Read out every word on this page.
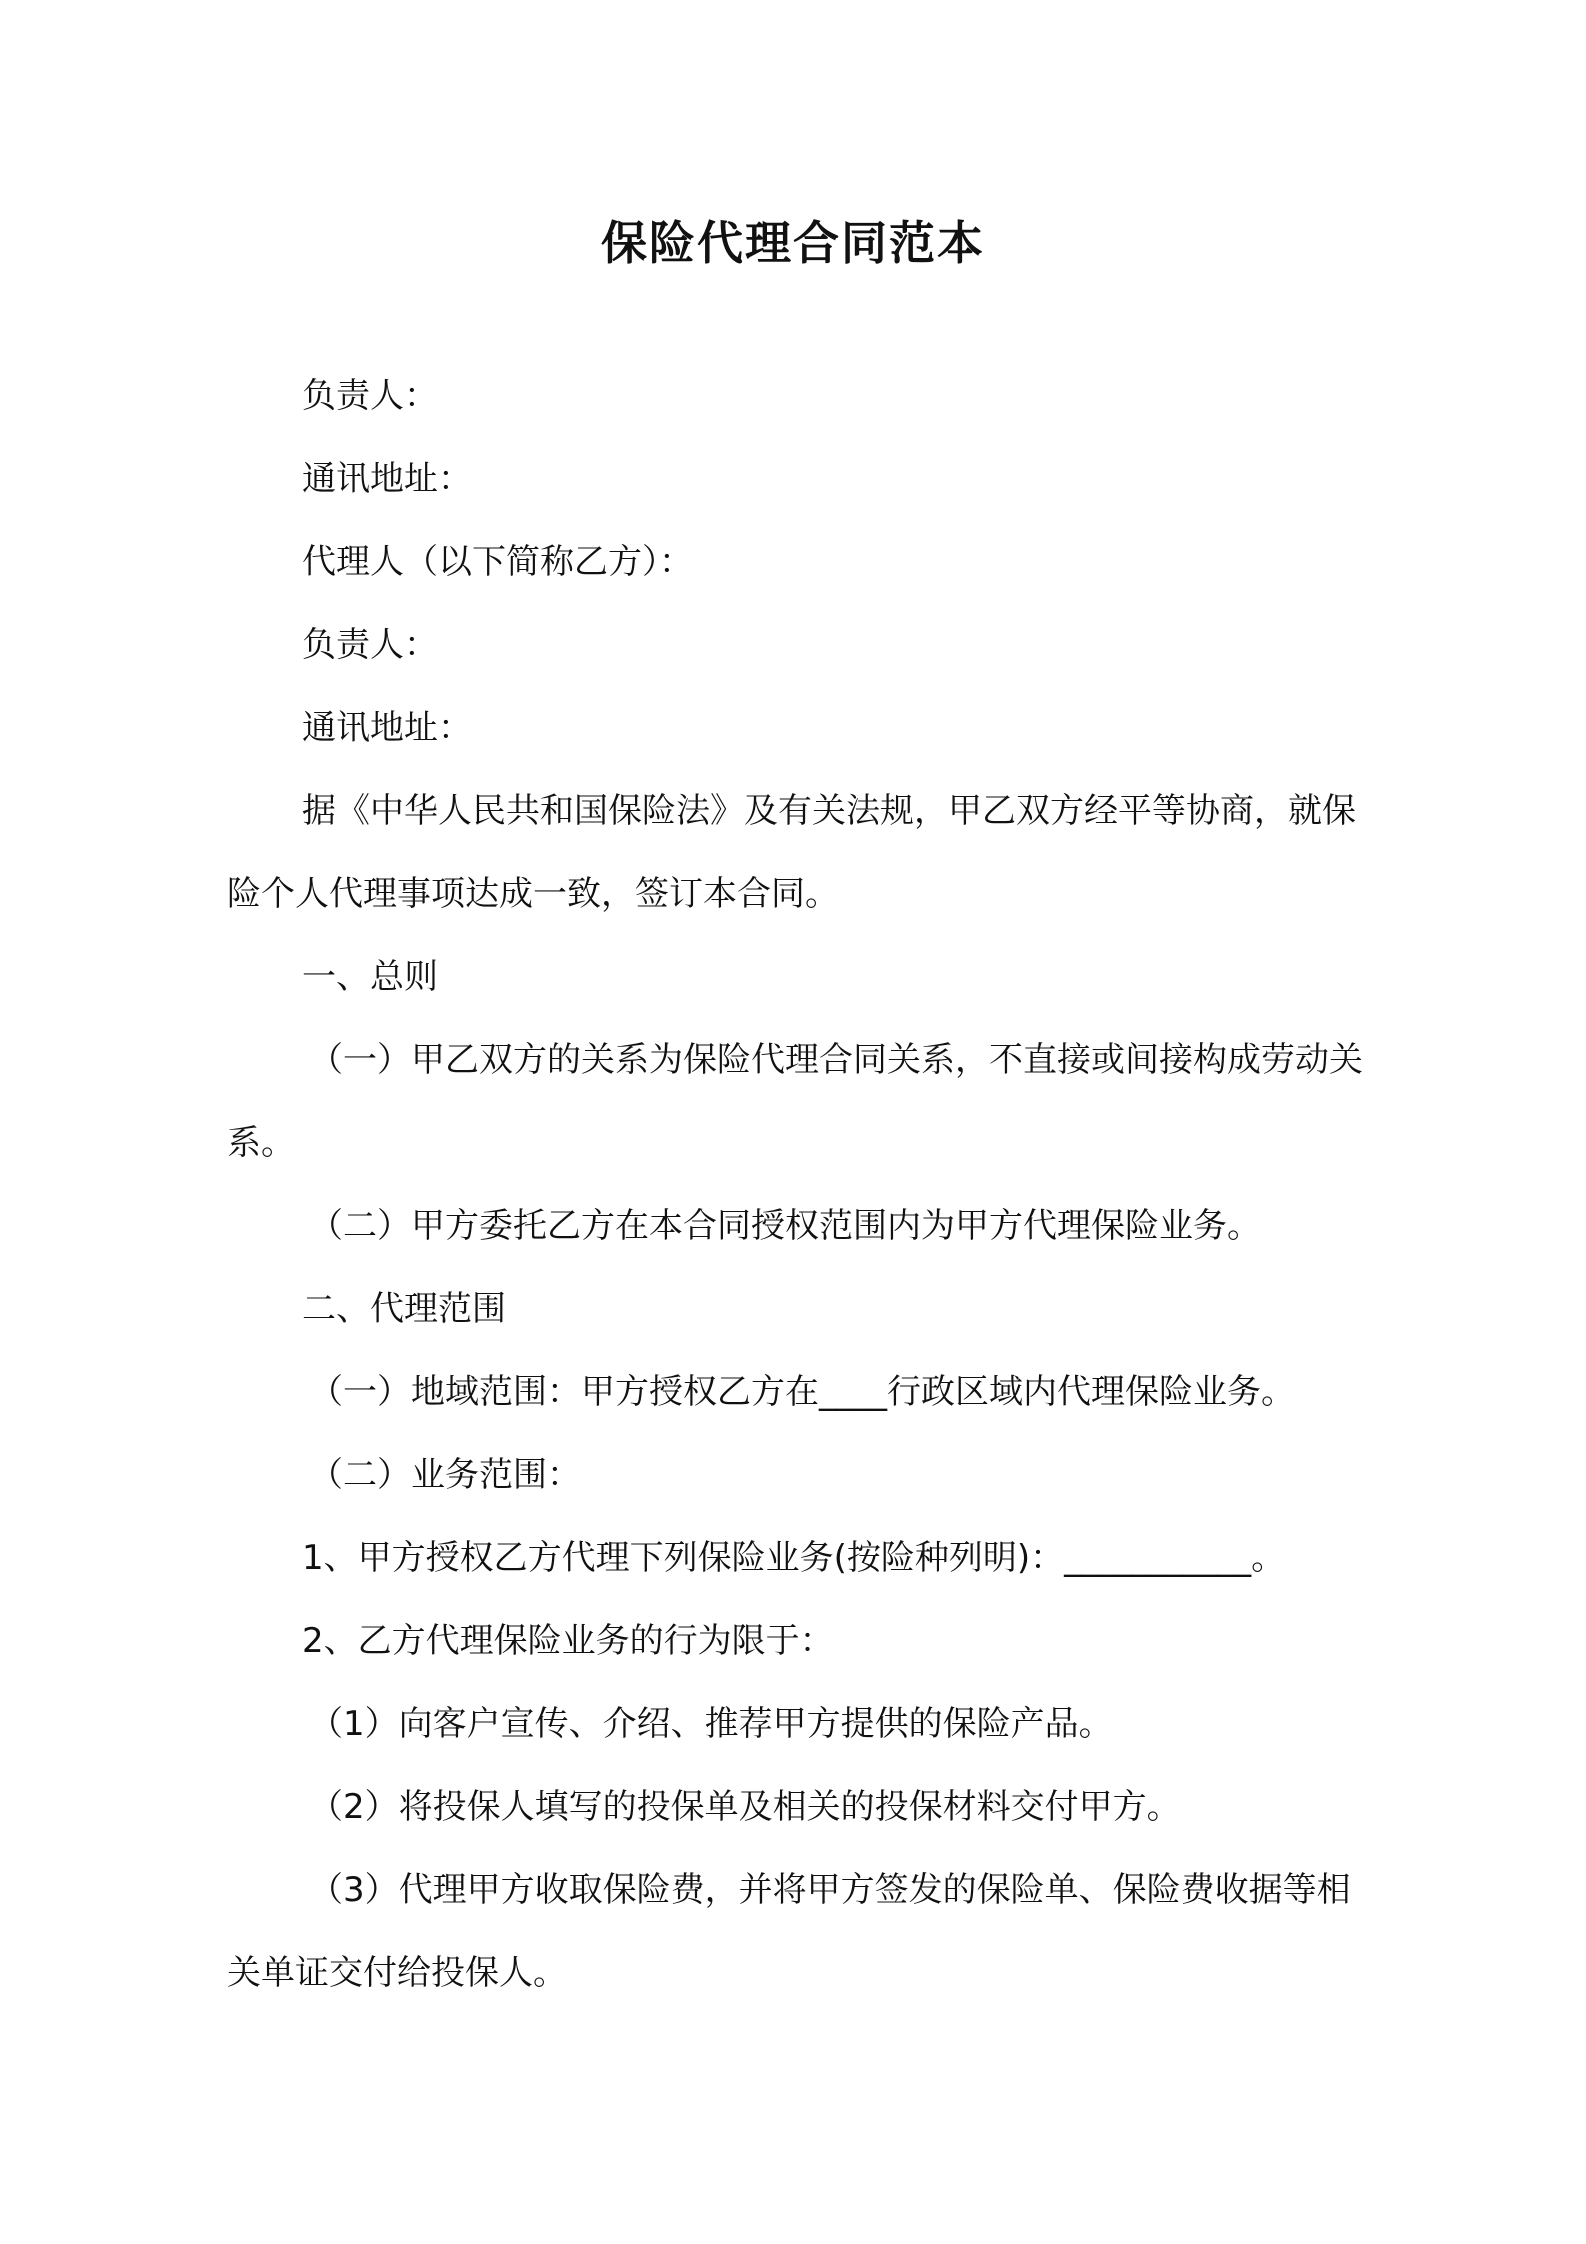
保险代理合同范本
负责人：
通讯地址：
代理人（以下简称乙方）：
负责人：
通讯地址：
据《中华人民共和国保险法》及有关法规，甲乙双方经平等协商，就保险个人代理事项达成一致，签订本合同。
一、总则
（一）甲乙双方的关系为保险代理合同关系，不直接或间接构成劳动关系。
（二）甲方委托乙方在本合同授权范围内为甲方代理保险业务。
二、代理范围
（一）地域范围：甲方授权乙方在____行政区域内代理保险业务。
（二）业务范围：
1、甲方授权乙方代理下列保险业务(按险种列明)：___________。
2、乙方代理保险业务的行为限于：
（1）向客户宣传、介绍、推荐甲方提供的保险产品。
（2）将投保人填写的投保单及相关的投保材料交付甲方。
（3）代理甲方收取保险费，并将甲方签发的保险单、保险费收据等相关单证交付给投保人。
